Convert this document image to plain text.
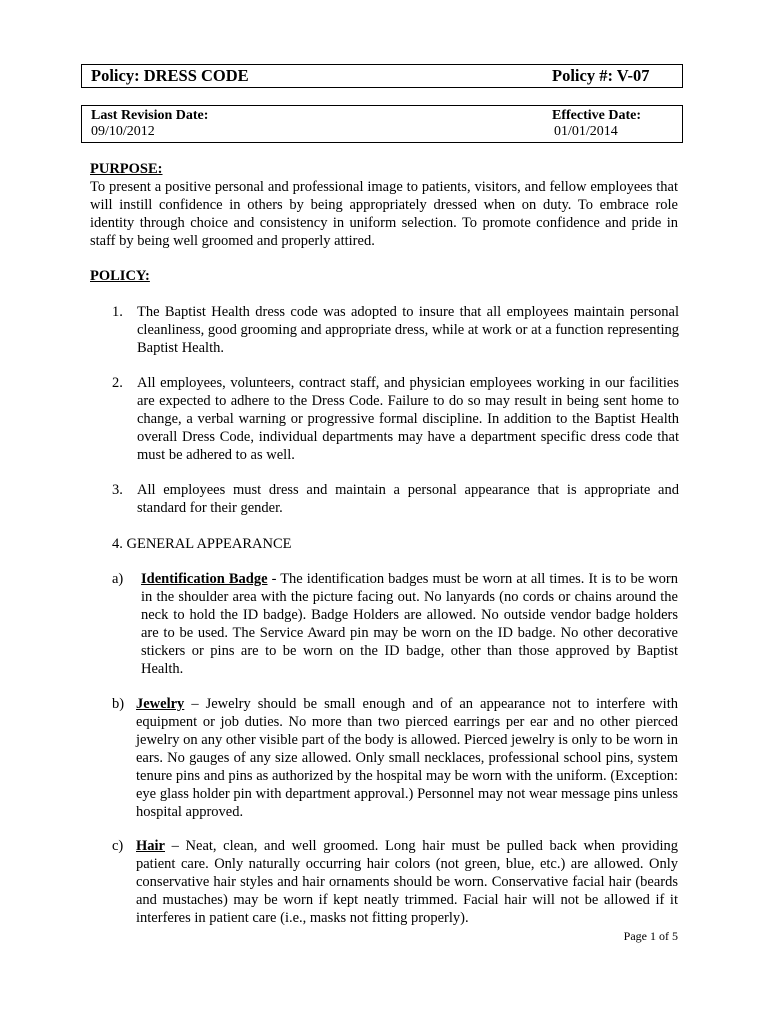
Policy: DRESS CODE	Policy #: V-07
Last Revision Date:
09/10/2012
Effective Date:
01/01/2014
PURPOSE:

To present a positive personal and professional image to patients, visitors, and fellow employees that will instill confidence in others by being appropriately dressed when on duty. To embrace role identity through choice and consistency in uniform selection. To promote confidence and pride in staff by being well groomed and properly attired.

POLICY:
1. The Baptist Health dress code was adopted to insure that all employees maintain personal cleanliness, good grooming and appropriate dress, while at work or at a function representing Baptist Health.
2. All employees, volunteers, contract staff, and physician employees working in our facilities are expected to adhere to the Dress Code. Failure to do so may result in being sent home to change, a verbal warning or progressive formal discipline. In addition to the Baptist Health overall Dress Code, individual departments may have a department specific dress code that must be adhered to as well.
3. All employees must dress and maintain a personal appearance that is appropriate and standard for their gender.
4. GENERAL APPEARANCE
a) Identification Badge - The identification badges must be worn at all times. It is to be worn in the shoulder area with the picture facing out. No lanyards (no cords or chains around the neck to hold the ID badge). Badge Holders are allowed. No outside vendor badge holders are to be used. The Service Award pin may be worn on the ID badge. No other decorative stickers or pins are to be worn on the ID badge, other than those approved by Baptist Health.
b) Jewelry – Jewelry should be small enough and of an appearance not to interfere with equipment or job duties. No more than two pierced earrings per ear and no other pierced jewelry on any other visible part of the body is allowed. Pierced jewelry is only to be worn in ears. No gauges of any size allowed. Only small necklaces, professional school pins, system tenure pins and pins as authorized by the hospital may be worn with the uniform. (Exception: eye glass holder pin with department approval.) Personnel may not wear message pins unless hospital approved.
c) Hair – Neat, clean, and well groomed. Long hair must be pulled back when providing patient care. Only naturally occurring hair colors (not green, blue, etc.) are allowed. Only conservative hair styles and hair ornaments should be worn. Conservative facial hair (beards and mustaches) may be worn if kept neatly trimmed. Facial hair will not be allowed if it interferes in patient care (i.e., masks not fitting properly).
Page 1 of 5
